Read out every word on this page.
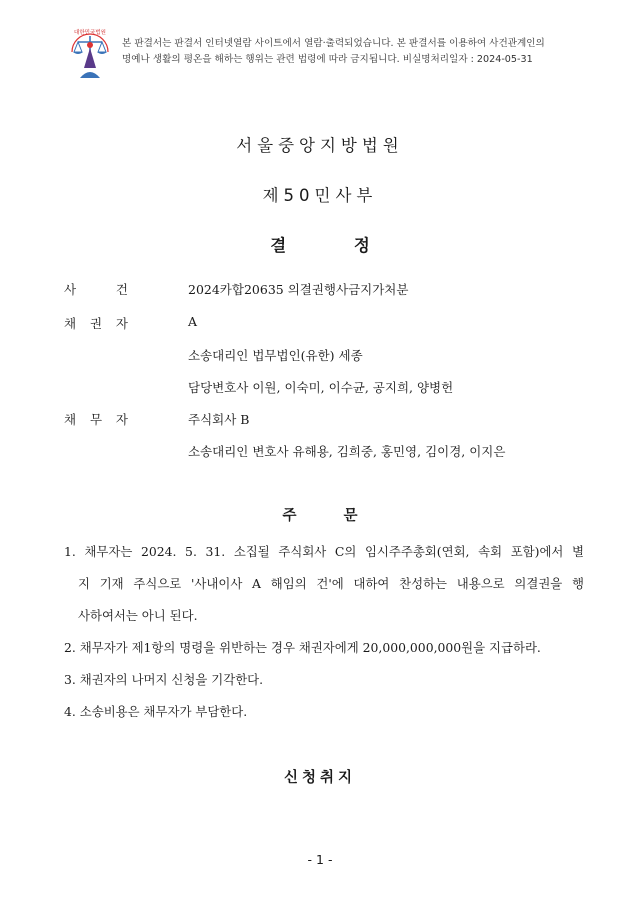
대한민국법원
본 판결서는 판결서 인터넷열람 사이트에서 열람·출력되었습니다. 본 판결서를 이용하여 사건관계인의
명예나 생활의 평온을 해하는 행위는 관련 법령에 따라 금지됩니다. 비실명처리일자 : 2024-05-31
서울중앙지방법원
제50민사부
결 정
사	건	2024카합20635 의결권행사금지가처분
채 권 자	A
소송대리인 법무법인(유한) 세종
담당변호사 이원, 이숙미, 이수균, 공지희, 양병헌
채 무 자	주식회사 B
소송대리인 변호사 유해용, 김희중, 홍민영, 김이경, 이지은
주 문
1. 채무자는 2024. 5. 31. 소집될 주식회사 C의 임시주주총회(연회, 속회 포함)에서 별
지 기재 주식으로 '사내이사 A 해임의 건'에 대하여 찬성하는 내용으로 의결권을 행
사하여서는 아니 된다.
2. 채무자가 제1항의 명령을 위반하는 경우 채권자에게 20,000,000,000원을 지급하라.
3. 채권자의 나머지 신청을 기각한다.
4. 소송비용은 채무자가 부담한다.
신청취지
- 1 -
